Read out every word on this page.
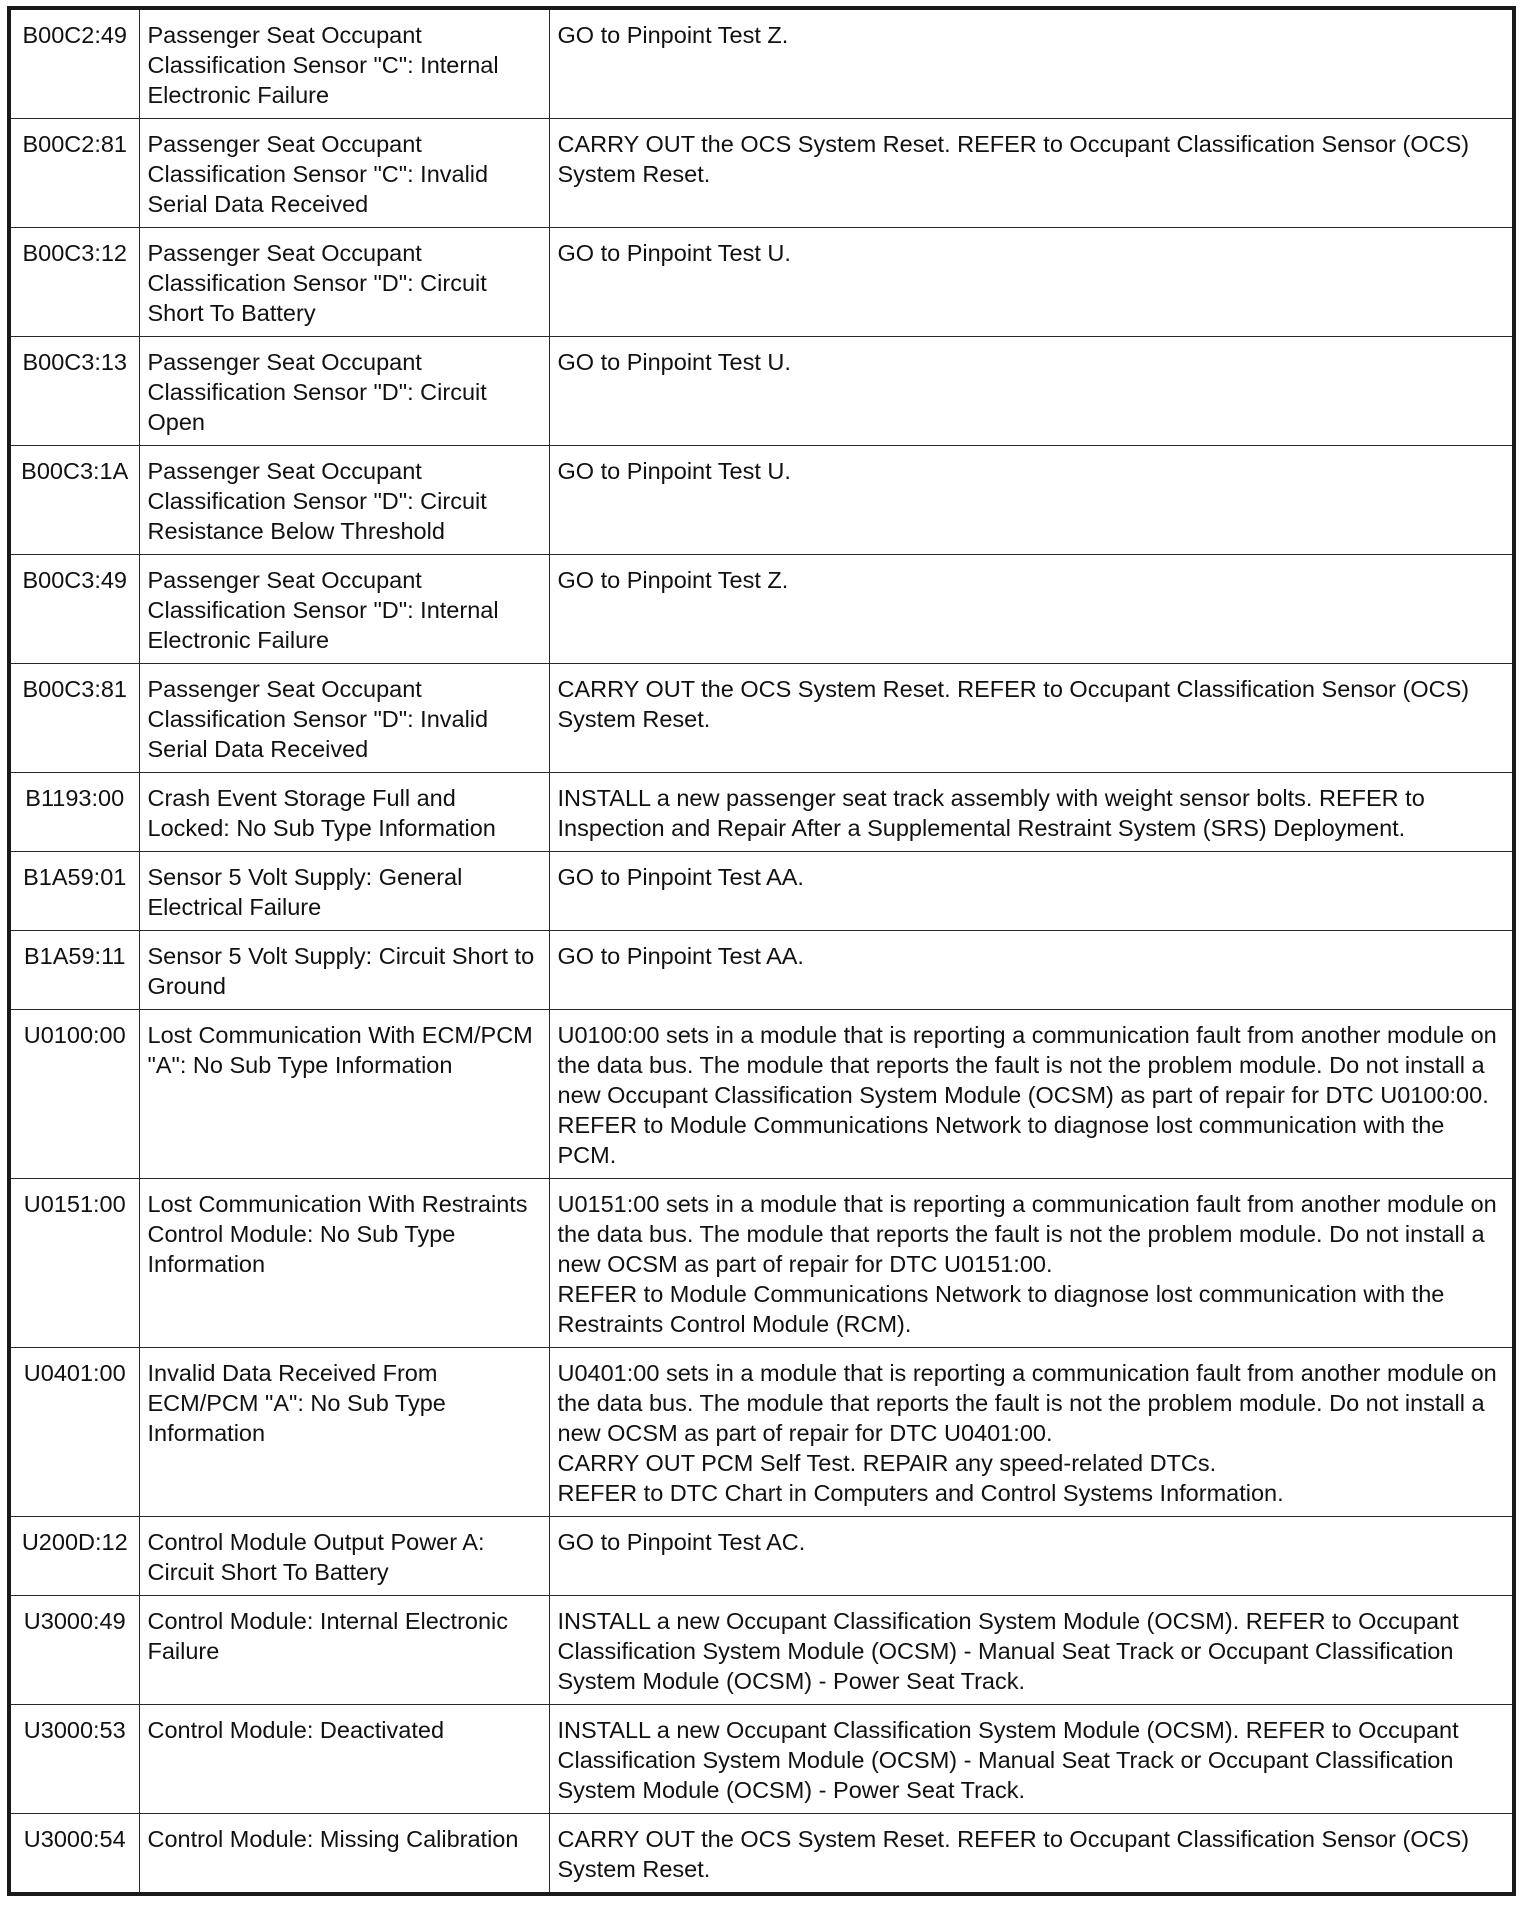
B00C2:49	Passenger Seat Occupant Classification Sensor "C": Internal Electronic Failure	GO to Pinpoint Test Z.
B00C2:81	Passenger Seat Occupant Classification Sensor "C": Invalid Serial Data Received	CARRY OUT the OCS System Reset. REFER to Occupant Classification Sensor (OCS) System Reset.
B00C3:12	Passenger Seat Occupant Classification Sensor "D": Circuit Short To Battery	GO to Pinpoint Test U.
B00C3:13	Passenger Seat Occupant Classification Sensor "D": Circuit Open	GO to Pinpoint Test U.
B00C3:1A	Passenger Seat Occupant Classification Sensor "D": Circuit Resistance Below Threshold	GO to Pinpoint Test U.
B00C3:49	Passenger Seat Occupant Classification Sensor "D": Internal Electronic Failure	GO to Pinpoint Test Z.
B00C3:81	Passenger Seat Occupant Classification Sensor "D": Invalid Serial Data Received	CARRY OUT the OCS System Reset. REFER to Occupant Classification Sensor (OCS) System Reset.
B1193:00	Crash Event Storage Full and Locked: No Sub Type Information	INSTALL a new passenger seat track assembly with weight sensor bolts. REFER to Inspection and Repair After a Supplemental Restraint System (SRS) Deployment.
B1A59:01	Sensor 5 Volt Supply: General Electrical Failure	GO to Pinpoint Test AA.
B1A59:11	Sensor 5 Volt Supply: Circuit Short to Ground	GO to Pinpoint Test AA.
U0100:00	Lost Communication With ECM/PCM "A": No Sub Type Information	U0100:00 sets in a module that is reporting a communication fault from another module on the data bus. The module that reports the fault is not the problem module. Do not install a new Occupant Classification System Module (OCSM) as part of repair for DTC U0100:00.
REFER to Module Communications Network to diagnose lost communication with the PCM.
U0151:00	Lost Communication With Restraints Control Module: No Sub Type Information	U0151:00 sets in a module that is reporting a communication fault from another module on the data bus. The module that reports the fault is not the problem module. Do not install a new OCSM as part of repair for DTC U0151:00.
REFER to Module Communications Network to diagnose lost communication with the Restraints Control Module (RCM).
U0401:00	Invalid Data Received From ECM/PCM "A": No Sub Type Information	U0401:00 sets in a module that is reporting a communication fault from another module on the data bus. The module that reports the fault is not the problem module. Do not install a new OCSM as part of repair for DTC U0401:00.
CARRY OUT PCM Self Test. REPAIR any speed-related DTCs.
REFER to DTC Chart in Computers and Control Systems Information.
U200D:12	Control Module Output Power A: Circuit Short To Battery	GO to Pinpoint Test AC.
U3000:49	Control Module: Internal Electronic Failure	INSTALL a new Occupant Classification System Module (OCSM). REFER to Occupant Classification System Module (OCSM) - Manual Seat Track or Occupant Classification System Module (OCSM) - Power Seat Track.
U3000:53	Control Module: Deactivated	INSTALL a new Occupant Classification System Module (OCSM). REFER to Occupant Classification System Module (OCSM) - Manual Seat Track or Occupant Classification System Module (OCSM) - Power Seat Track.
U3000:54	Control Module: Missing Calibration	CARRY OUT the OCS System Reset. REFER to Occupant Classification Sensor (OCS) System Reset.
